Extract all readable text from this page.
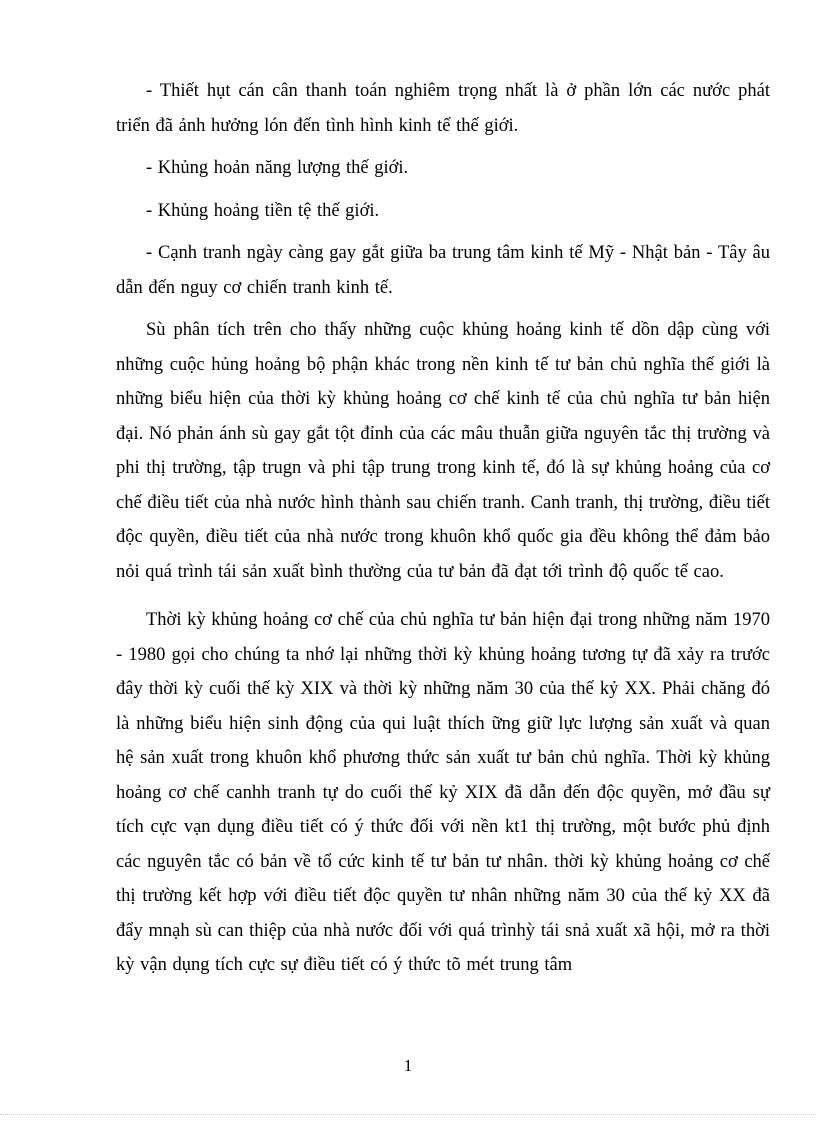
- Thiết hụt cán cân thanh toán nghiêm trọng nhất là ở phần lớn các nước phát triển đã ảnh hưởng lón đến tình hình kinh tế thế giới.

- Khủng hoản năng lượng thế giới.

- Khủng hoảng tiền tệ thế giới.

- Cạnh tranh ngày càng gay gắt giữa ba trung tâm kinh tế Mỹ - Nhật bản - Tây âu dẫn đến nguy cơ chiến tranh kinh tế.

Sù phân tích trên cho thấy những cuộc khủng hoảng kinh tế dồn dập cùng với những cuộc hủng hoảng bộ phận khác trong nền kinh tế tư bản chủ nghĩa thế giới là những biểu hiện của thời kỳ khủng hoảng cơ chế kinh tế của chủ nghĩa tư bản hiện đại. Nó phản ánh sù gay gắt tột đỉnh của các mâu thuẫn giữa nguyên tắc thị trường và phi thị trường, tập trugn và phi tập trung trong kinh tế, đó là sự khủng hoảng của cơ chế điều tiết của nhà nước hình thành sau chiến tranh. Canh tranh, thị trường, điều tiết độc quyền, điều tiết của nhà nước trong khuôn khổ quốc gia đều không thể đảm bảo nỏi quá trình tái sản xuất bình thường của tư bản đã đạt tới trình độ quốc tế cao.

Thời kỳ khủng hoảng cơ chế của chủ nghĩa tư bản hiện đại trong những năm 1970 - 1980 gọi cho chúng ta nhớ lại những thời kỳ khủng hoảng tương tự đã xảy ra trước đây thời kỳ cuối thế kỳ XIX và thời kỳ những năm 30 của thế kỷ XX. Phải chăng đó là những biểu hiện sinh động của qui luật thích ững giữ lực lượng sản xuất và quan hệ sản xuất trong khuôn khổ phương thức sản xuất tư bản chủ nghĩa. Thời kỳ khủng hoảng cơ chế canhh tranh tự do cuối thế kỷ XIX đã dẫn đến độc quyền, mở đầu sự tích cực vạn dụng điều tiết có ý thức đối với nền kt1 thị trường, một bước phủ định các nguyên tắc có bản về tổ cức kinh tế tư bản tư nhân. thời kỳ khủng hoảng cơ chế thị trường kết hợp với điều tiết độc quyền tư nhân những năm 30 của thế kỷ XX đã đẩy mnạh sù can thiệp của nhà nước đối với quá trìnhỳ tái snả xuất xã hội, mở ra thời kỳ vận dụng tích cực sự điều tiết có ý thức tõ mét trung tâm

1
